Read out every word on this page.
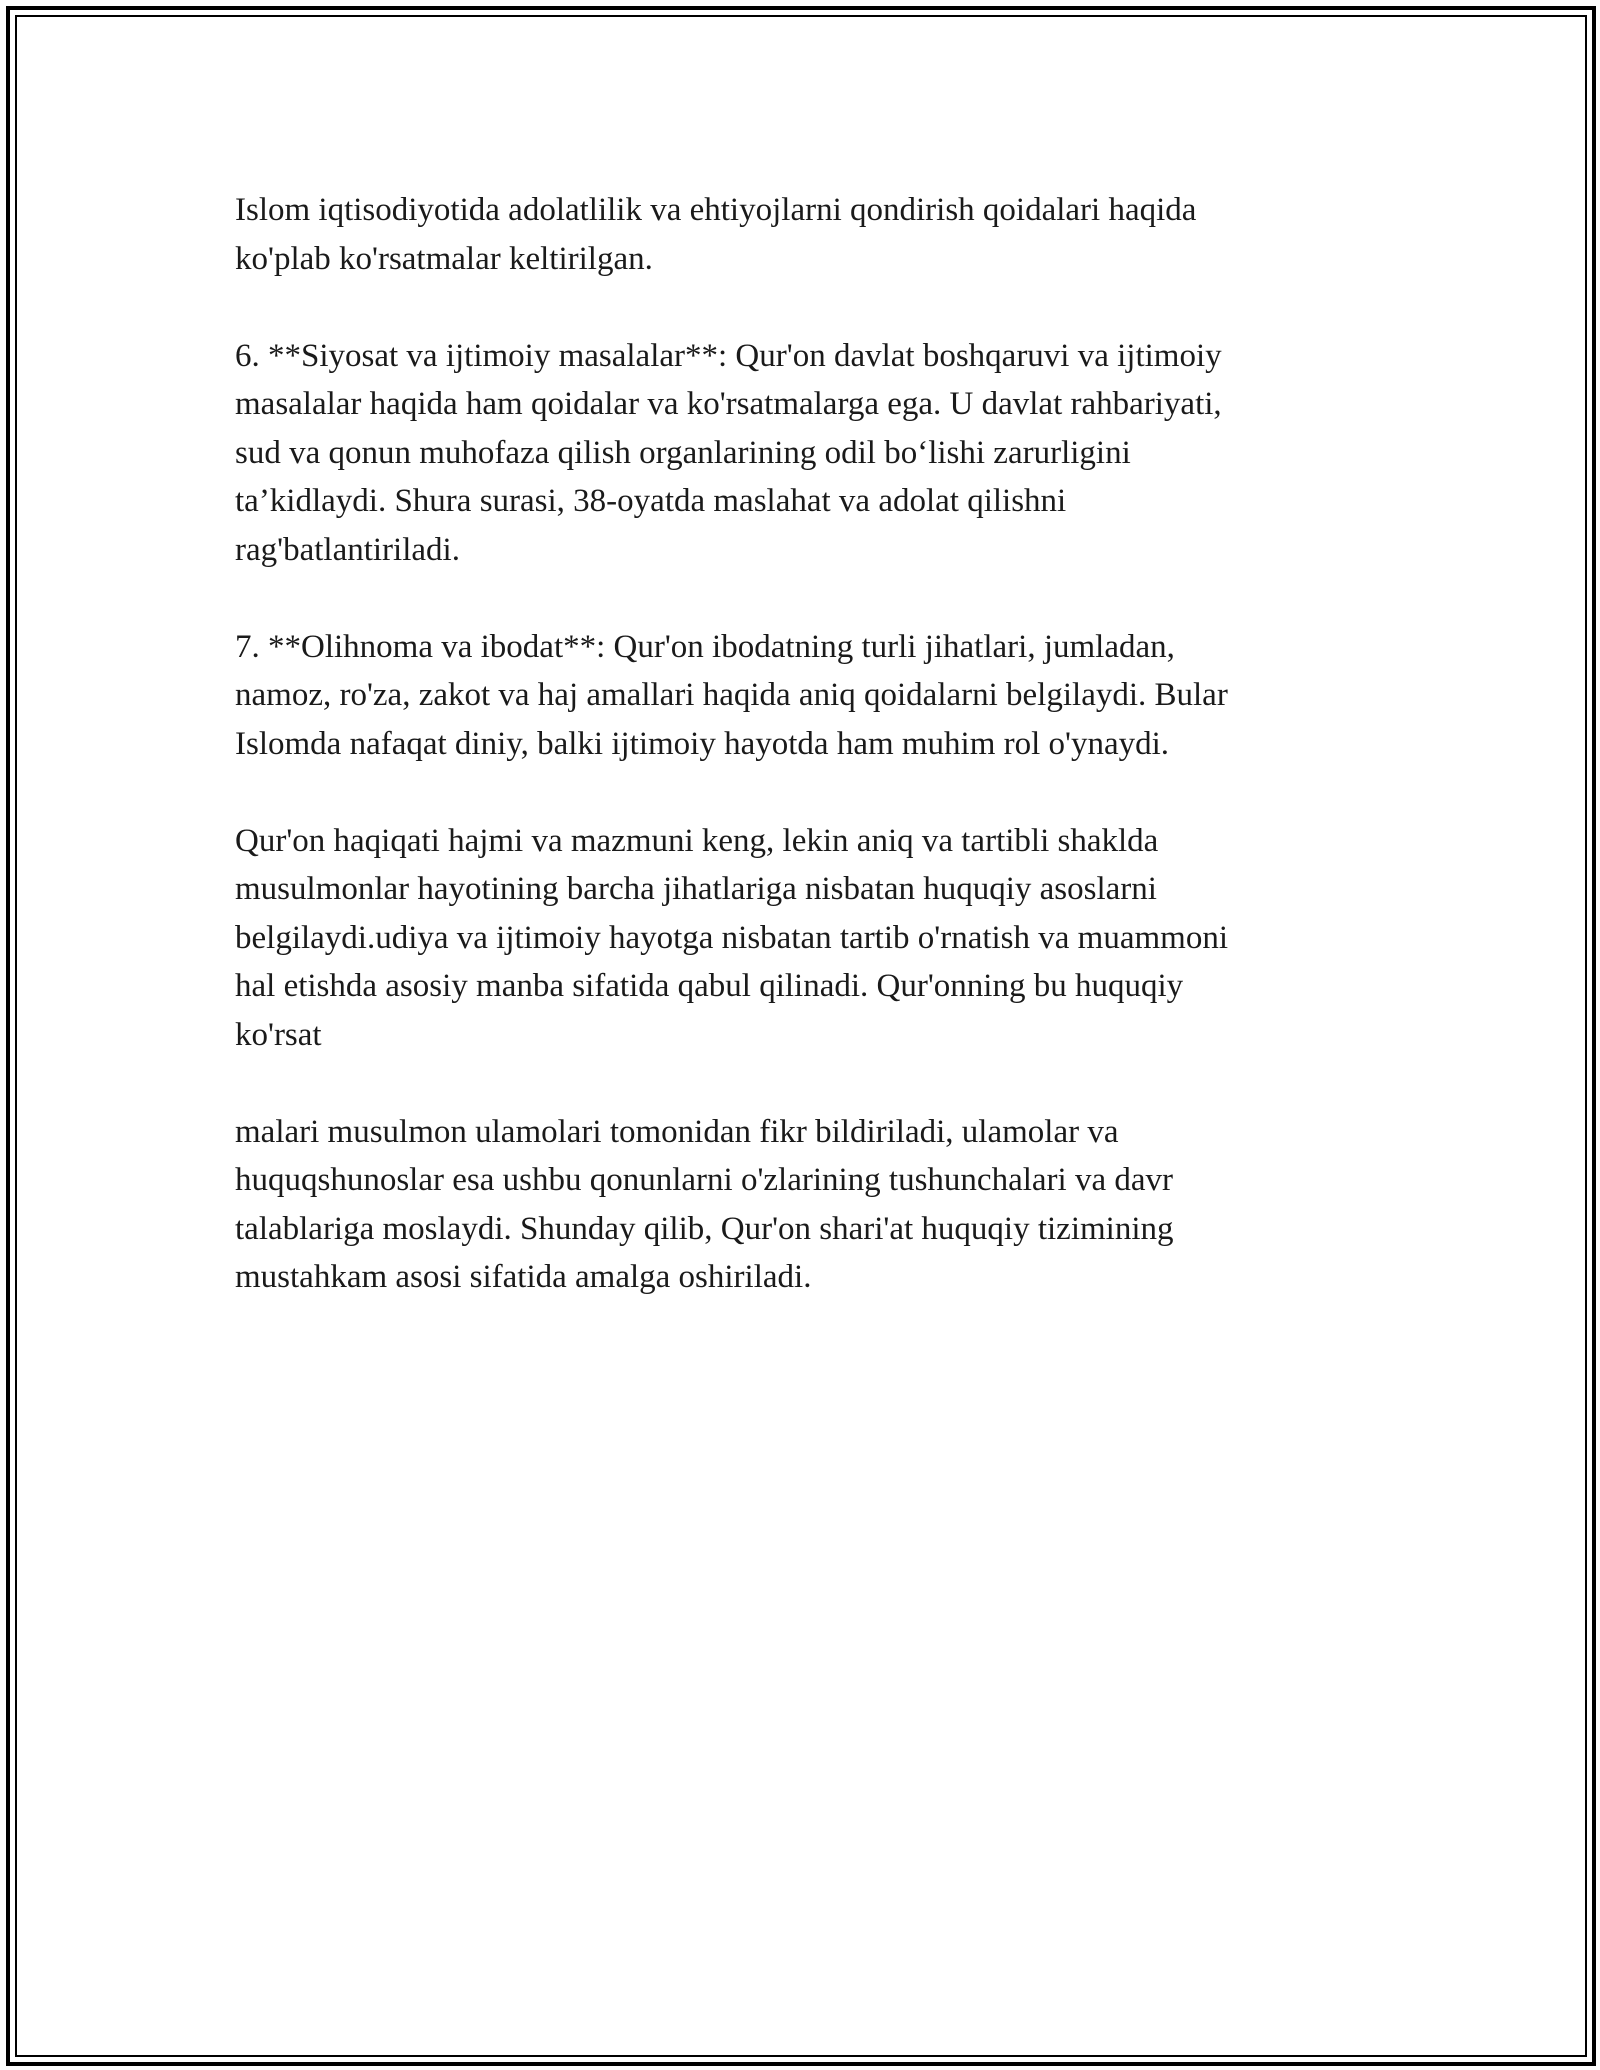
Islom iqtisodiyotida adolatlilik va ehtiyojlarni qondirish qoidalari haqida
ko'plab ko'rsatmalar keltirilgan.

6. **Siyosat va ijtimoiy masalalar**: Qur'on davlat boshqaruvi va ijtimoiy
masalalar haqida ham qoidalar va ko'rsatmalarga ega. U davlat rahbariyati,
sud va qonun muhofaza qilish organlarining odil bo‘lishi zarurligini
ta’kidlaydi. Shura surasi, 38-oyatda maslahat va adolat qilishni
rag'batlantiriladi.

7. **Olihnoma va ibodat**: Qur'on ibodatning turli jihatlari, jumladan,
namoz, ro'za, zakot va haj amallari haqida aniq qoidalarni belgilaydi. Bular
Islomda nafaqat diniy, balki ijtimoiy hayotda ham muhim rol o'ynaydi.

Qur'on haqiqati hajmi va mazmuni keng, lekin aniq va tartibli shaklda
musulmonlar hayotining barcha jihatlariga nisbatan huquqiy asoslarni
belgilaydi.udiya va ijtimoiy hayotga nisbatan tartib o'rnatish va muammoni
hal etishda asosiy manba sifatida qabul qilinadi. Qur'onning bu huquqiy
ko'rsat

malari musulmon ulamolari tomonidan fikr bildiriladi, ulamolar va
huquqshunoslar esa ushbu qonunlarni o'zlarining tushunchalari va davr
talablariga moslaydi. Shunday qilib, Qur'on shari'at huquqiy tizimining
mustahkam asosi sifatida amalga oshiriladi.
